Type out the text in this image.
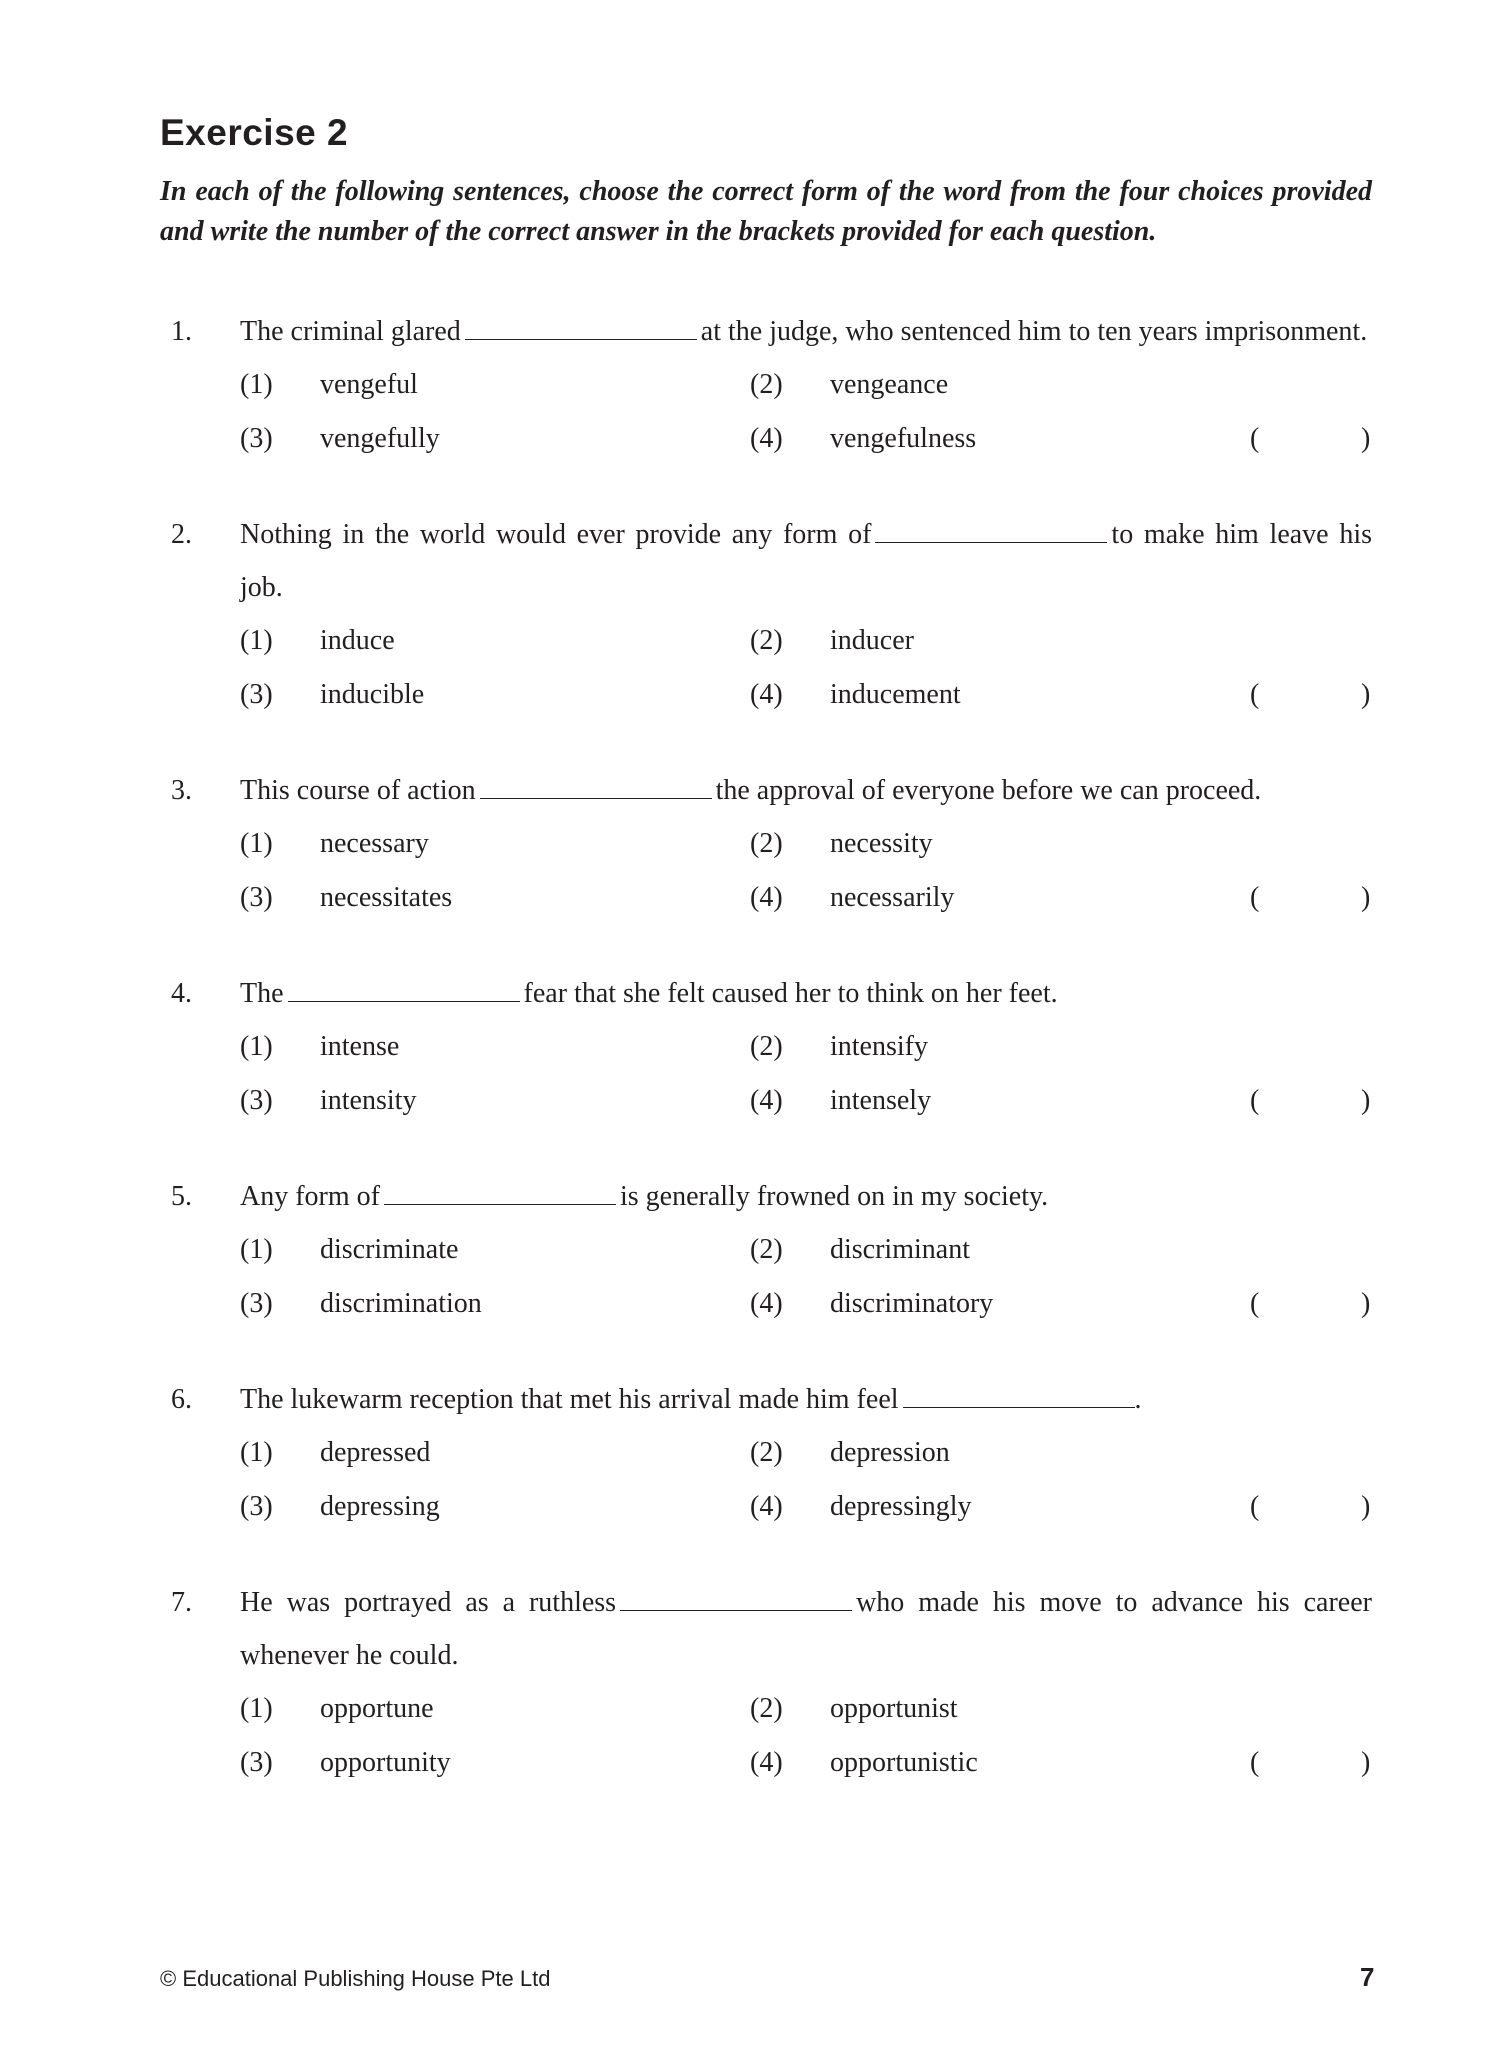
Exercise 2

In each of the following sentences, choose the correct form of the word from the four choices provided and write the number of the correct answer in the brackets provided for each question.

1. The criminal glared	at the judge, who sentenced him to ten years imprisonment.
(1) vengeful	(2) vengeance
(3) vengefully	(4) vengefulness	(	)
2. Nothing in the world would ever provide any form of	to make him leave his job.
(1) induce	(2) inducer
(3) inducible	(4) inducement	(	)
3. This course of action	the approval of everyone before we can proceed.
(1) necessary	(2) necessity
(3) necessitates	(4) necessarily	(	)
4. The	fear that she felt caused her to think on her feet.
(1) intense	(2) intensify
(3) intensity	(4) intensely	(	)
5. Any form of	is generally frowned on in my society.
(1) discriminate	(2) discriminant
(3) discrimination	(4) discriminatory	(	)
6. The lukewarm reception that met his arrival made him feel	.
(1) depressed	(2) depression
(3) depressing	(4) depressingly	(	)
7. He was portrayed as a ruthless	who made his move to advance his career whenever he could.
(1) opportune	(2) opportunist
(3) opportunity	(4) opportunistic	(	)
© Educational Publishing House Pte Ltd	7
